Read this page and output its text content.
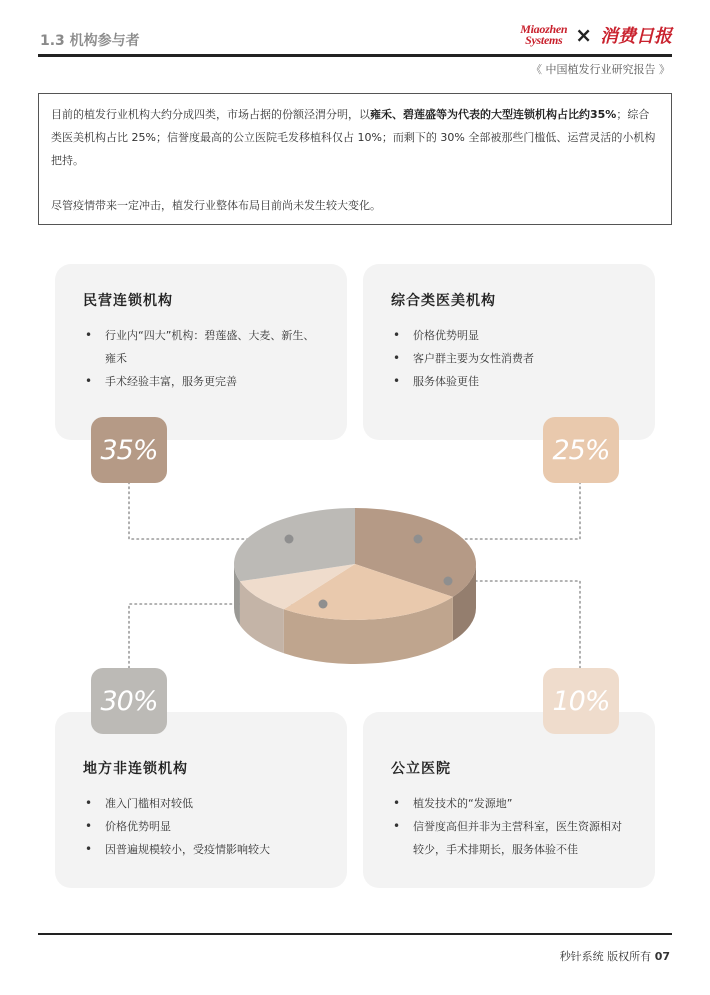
1.3 机构参与者
Miaozhen
Systems × 消费日报
《 中国植发行业研究报告 》

目前的植发行业机构大约分成四类，市场占据的份额泾渭分明，以雍禾、碧莲盛等为代表的大型连锁机构占比约35%；综合类医美机构占比 25%；信誉度最高的公立医院毛发移植科仅占 10%；而剩下的 30% 全部被那些门槛低、运营灵活的小机构把持。

尽管疫情带来一定冲击，植发行业整体布局目前尚未发生较大变化。

民营连锁机构
• 行业内“四大”机构：碧莲盛、大麦、新生、雍禾
• 手术经验丰富，服务更完善
综合类医美机构
• 价格优势明显
• 客户群主要为女性消费者
• 服务体验更佳
地方非连锁机构
• 准入门槛相对较低
• 价格优势明显
• 因普遍规模较小，受疫情影响较大
公立医院
• 植发技术的“发源地”
• 信誉度高但并非为主营科室，医生资源相对较少，手术排期长，服务体验不佳
35%	25%
30%	10%
秒针系统 版权所有 07
